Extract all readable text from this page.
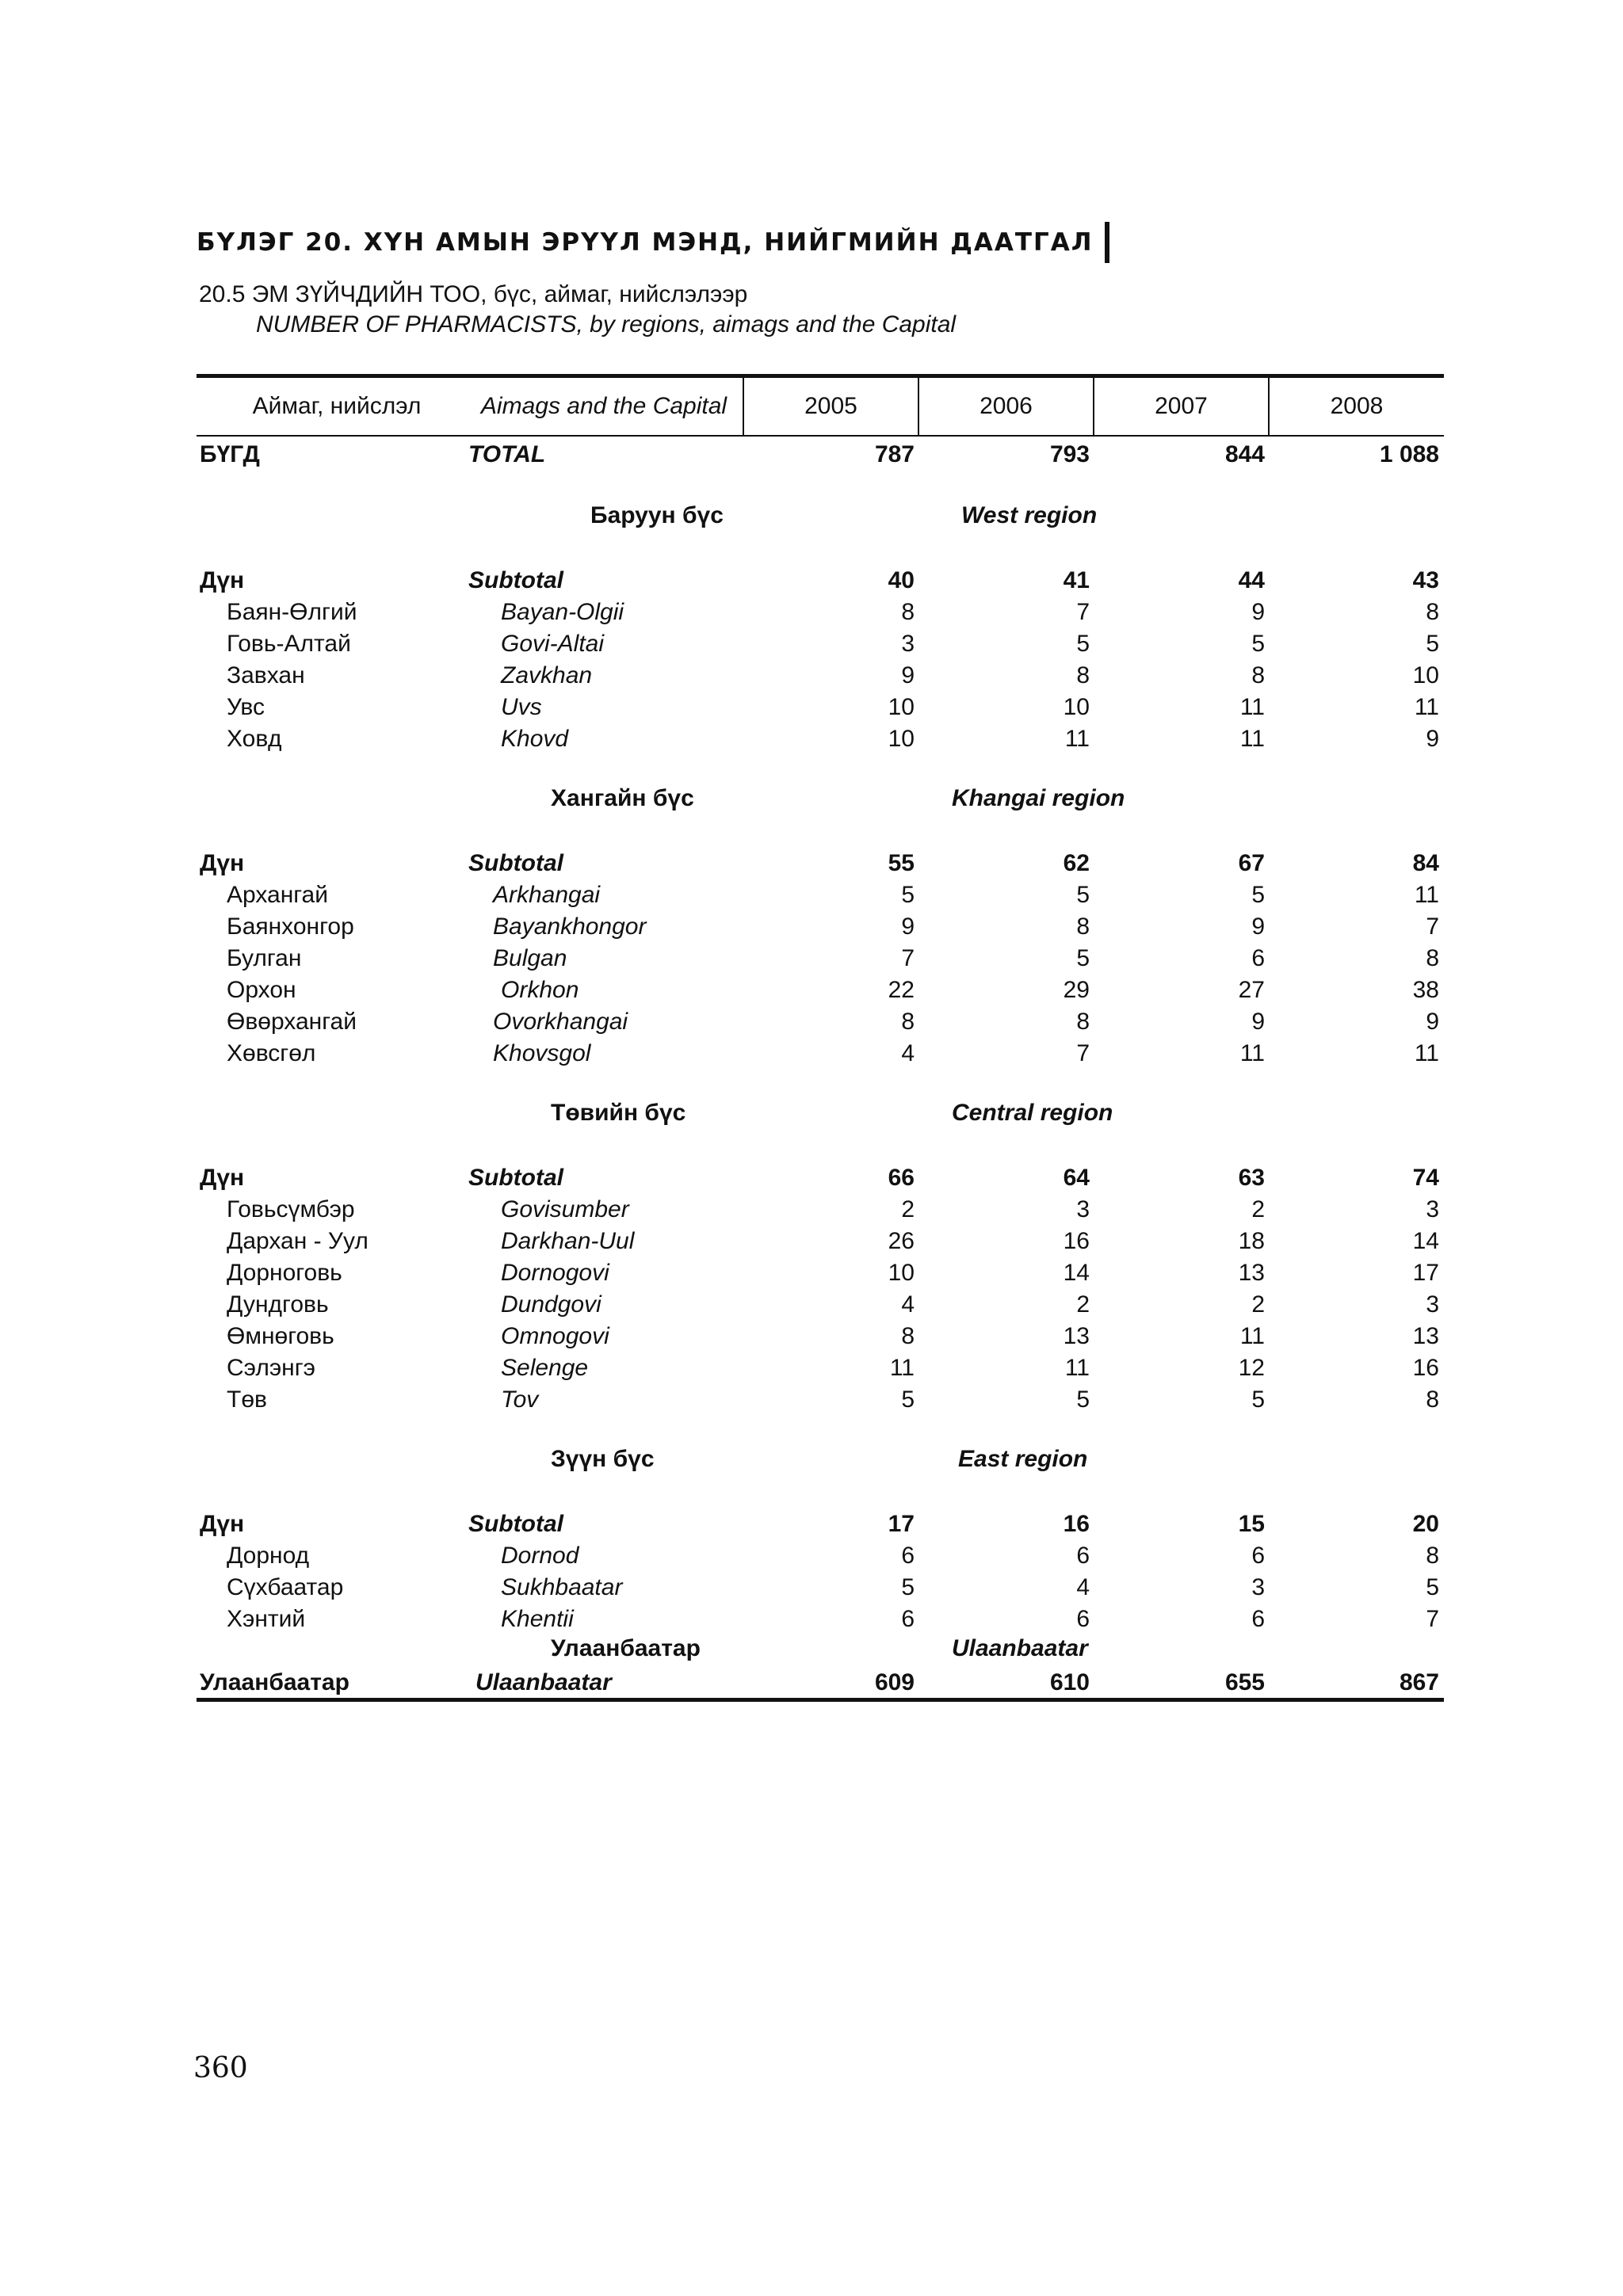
БҮЛЭГ 20. ХҮН АМЫН ЭРҮҮЛ МЭНД, НИЙГМИЙН ДААТГАЛ
20.5 ЭМ ЗҮЙЧДИЙН ТОО, бүс, аймаг, нийслэлээр
NUMBER OF PHARMACISTS, by regions, aimags and the Capital
Аймаг, нийслэл	Aimags and the Capital	2005	2006	2007	2008
БҮГД	TOTAL	787	793	844	1 088
Баруун бүс	West region
Дүн	Subtotal	40	41	44	43
Баян-Өлгий	Bayan-Olgii	8	7	9	8
Говь-Алтай	Govi-Altai	3	5	5	5
Завхан	Zavkhan	9	8	8	10
Увс	Uvs	10	10	11	11
Ховд	Khovd	10	11	11	9
Хангайн бүс	Khangai region
Дүн	Subtotal	55	62	67	84
Архангай	Arkhangai	5	5	5	11
Баянхонгор	Bayankhongor	9	8	9	7
Булган	Bulgan	7	5	6	8
Орхон	Orkhon	22	29	27	38
Өвөрхангай	Ovorkhangai	8	8	9	9
Хөвсгөл	Khovsgol	4	7	11	11
Төвийн бүс	Central region
Дүн	Subtotal	66	64	63	74
Говьсүмбэр	Govisumber	2	3	2	3
Дархан - Уул	Darkhan-Uul	26	16	18	14
Дорноговь	Dornogovi	10	14	13	17
Дундговь	Dundgovi	4	2	2	3
Өмнөговь	Omnogovi	8	13	11	13
Сэлэнгэ	Selenge	11	11	12	16
Төв	Tov	5	5	5	8
Зүүн бүс	East region
Дүн	Subtotal	17	16	15	20
Дорнод	Dornod	6	6	6	8
Сүхбаатар	Sukhbaatar	5	4	3	5
Хэнтий	Khentii	6	6	6	7
Улаанбаатар	Ulaanbaatar
Улаанбаатар	Ulaanbaatar	609	610	655	867
360
